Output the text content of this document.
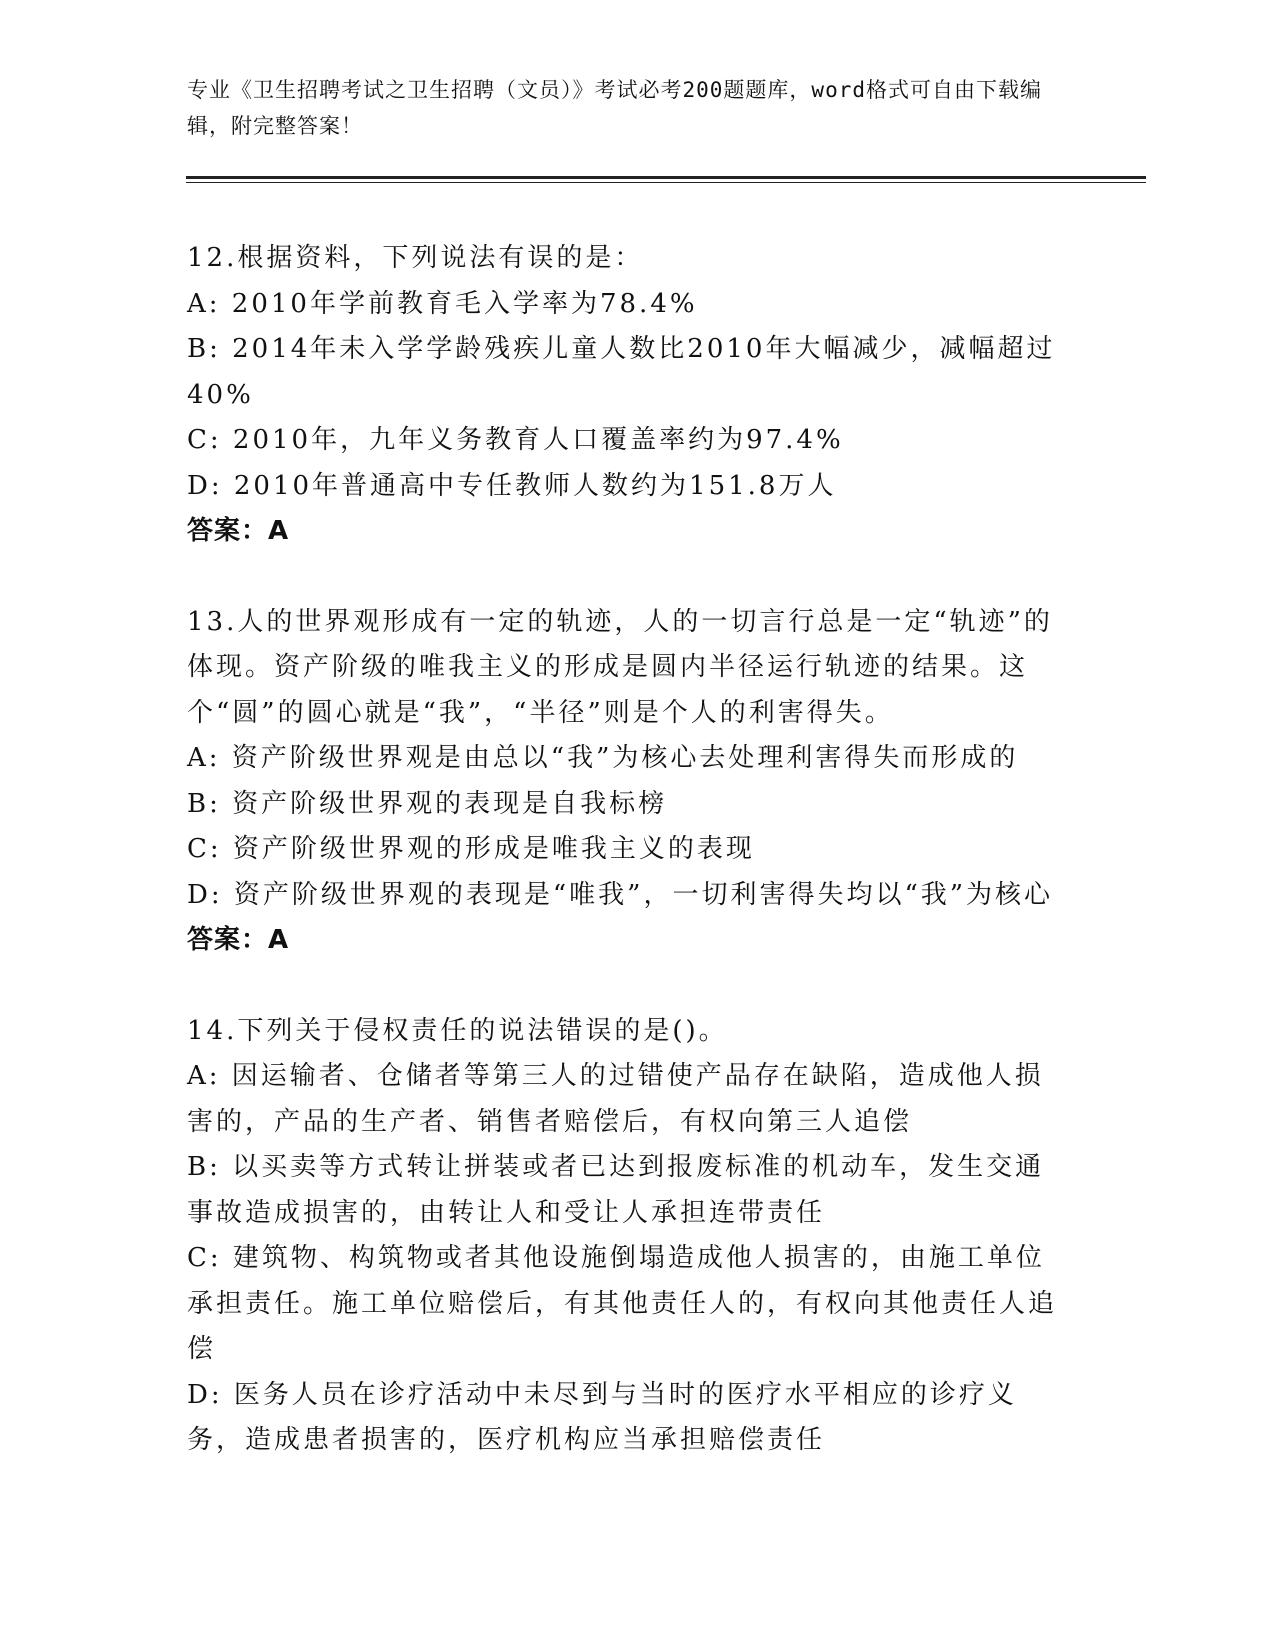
专业《卫生招聘考试之卫生招聘（文员）》考试必考200题题库，word格式可自由下载编辑，附完整答案！

12.根据资料，下列说法有误的是：

A: 2010年学前教育毛入学率为78.4%

B: 2014年未入学学龄残疾儿童人数比2010年大幅减少，减幅超过40%

C: 2010年，九年义务教育人口覆盖率约为97.4%

D: 2010年普通高中专任教师人数约为151.8万人

答案：A

13.人的世界观形成有一定的轨迹，人的一切言行总是一定“轨迹”的体现。资产阶级的唯我主义的形成是圆内半径运行轨迹的结果。这个“圆”的圆心就是“我”，“半径”则是个人的利害得失。

A: 资产阶级世界观是由总以“我”为核心去处理利害得失而形成的

B: 资产阶级世界观的表现是自我标榜

C: 资产阶级世界观的形成是唯我主义的表现

D: 资产阶级世界观的表现是“唯我”，一切利害得失均以“我”为核心

答案：A

14.下列关于侵权责任的说法错误的是()。

A: 因运输者、仓储者等第三人的过错使产品存在缺陷，造成他人损害的，产品的生产者、销售者赔偿后，有权向第三人追偿

B: 以买卖等方式转让拼装或者已达到报废标准的机动车，发生交通事故造成损害的，由转让人和受让人承担连带责任

C: 建筑物、构筑物或者其他设施倒塌造成他人损害的，由施工单位承担责任。施工单位赔偿后，有其他责任人的，有权向其他责任人追偿

D: 医务人员在诊疗活动中未尽到与当时的医疗水平相应的诊疗义务，造成患者损害的，医疗机构应当承担赔偿责任
